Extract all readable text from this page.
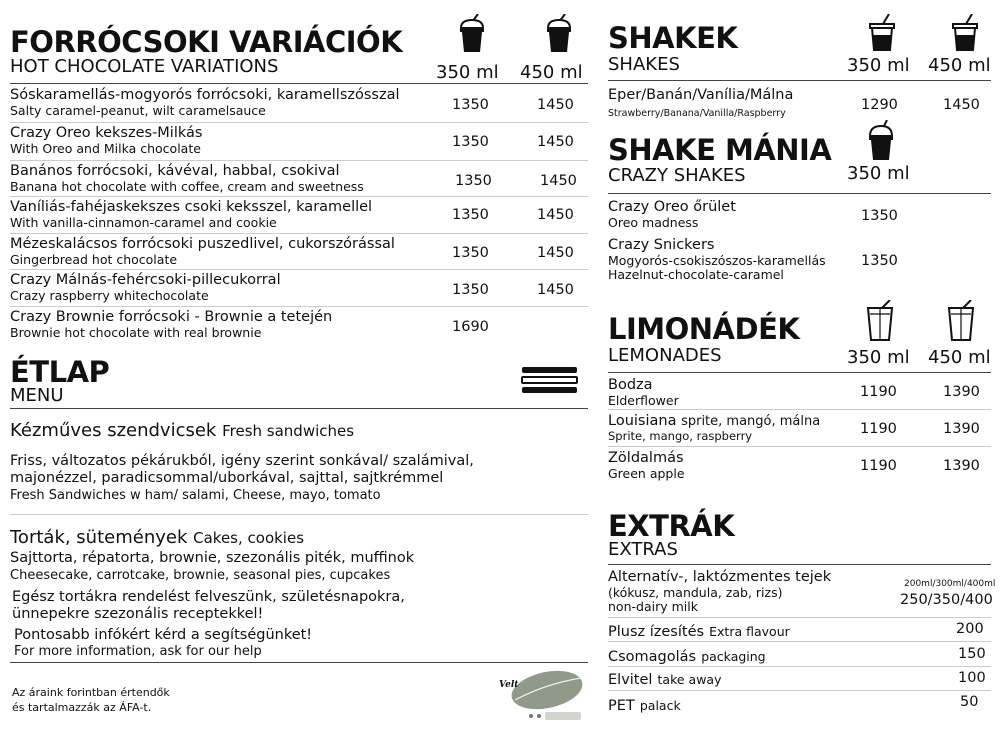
FORRÓCSOKI VARIÁCIÓK
HOT CHOCOLATE VARIATIONS	350 ml 450 ml
Sóskaramellás-mogyorós forrócsoki, karamellszósszal
Salty caramel-peanut, wilt caramelsauce	1350	1450
Crazy Oreo kekszes-Milkás
With Oreo and Milka chocolate	1350	1450
Banános forrócsoki, kávéval, habbal, csokival
Banana hot chocolate with coffee, cream and sweetness	1350	1450
Vaníliás-fahéjaskekszes csoki keksszel, karamellel
With vanilla-cinnamon-caramel and cookie	1350	1450
Mézeskalácsos forrócsoki puszedlivel, cukorszórással
Gingerbread hot chocolate	1350	1450
Crazy Málnás-fehércsoki-pillecukorral
Crazy raspberry whitechocolate	1350	1450
Crazy Brownie forrócsoki - Brownie a tetején
Brownie hot chocolate with real brownie	1690
ÉTLAP
MENU
Kézműves szendvicsek Fresh sandwiches
Friss, változatos pékárukból, igény szerint sonkával/ szalámival,
majonézzel, paradicsommal/uborkával, sajttal, sajtkrémmel
Fresh Sandwiches w ham/ salami, Cheese, mayo, tomato
Torták, sütemények Cakes, cookies
Sajttorta, répatorta, brownie, szezonális piték, muffinok
Cheesecake, carrotcake, brownie, seasonal pies, cupcakes
Egész tortákra rendelést felveszünk, születésnapokra,
ünnepekre szezonális receptekkel!
Pontosabb infókért kérd a segítségünket!
For more information, ask for our help
Az áraink forintban értendők
és tartalmazzák az ÁFA-t.
Velt
SHAKEK
SHAKES	350 ml 450 ml
Eper/Banán/Vanília/Málna
Strawberry/Banana/Vanilla/Raspberry	1290	1450
SHAKE MÁNIA
CRAZY SHAKES	350 ml
Crazy Oreo őrület
Oreo madness	1350
Crazy Snickers
Mogyorós-csokiszószos-karamellás
Hazelnut-chocolate-caramel
1350
LIMONÁDÉK
LEMONADES	350 ml 450 ml
Bodza
Elderflower	1190	1390
Louisiana sprite, mangó, málna
Sprite, mango, raspberry	1190	1390
Zöldalmás
Green apple	1190	1390
EXTRÁK
EXTRAS
Alternatív-, laktózmentes tejek
(kókusz, mandula, zab, rizs)
non-dairy milk
200ml/300ml/400ml
250/350/400
Plusz ízesítés Extra flavour	200
Csomagolás packaging	150
Elvitel take away	100
PET palack	50
